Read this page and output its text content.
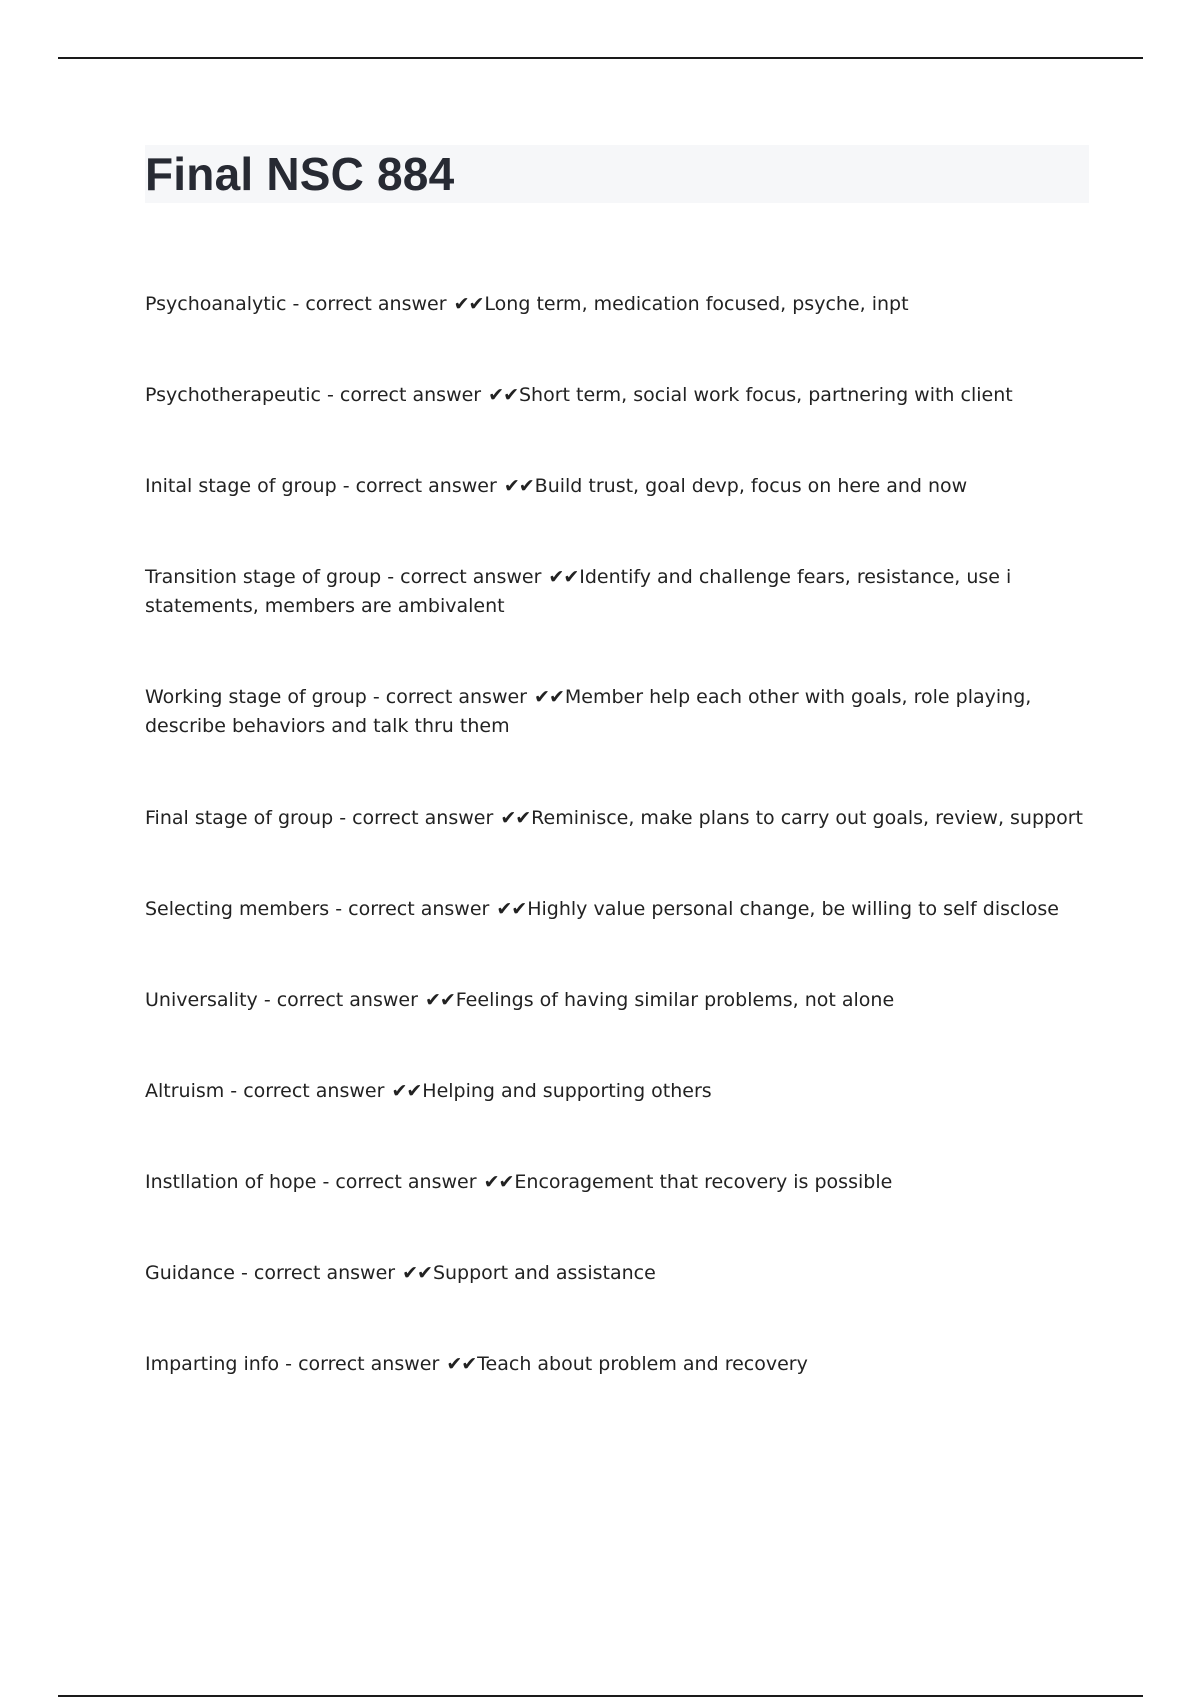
Final NSC 884
Psychoanalytic - correct answer ✔✔Long term, medication focused, psyche, inpt
Psychotherapeutic - correct answer ✔✔Short term, social work focus, partnering with client
Inital stage of group - correct answer ✔✔Build trust, goal devp, focus on here and now
Transition stage of group - correct answer ✔✔Identify and challenge fears, resistance, use i statements, members are ambivalent
Working stage of group - correct answer ✔✔Member help each other with goals, role playing, describe behaviors and talk thru them
Final stage of group - correct answer ✔✔Reminisce, make plans to carry out goals, review, support
Selecting members - correct answer ✔✔Highly value personal change, be willing to self disclose
Universality - correct answer ✔✔Feelings of having similar problems, not alone
Altruism - correct answer ✔✔Helping and supporting others
Instllation of hope - correct answer ✔✔Encoragement that recovery is possible
Guidance - correct answer ✔✔Support and assistance
Imparting info - correct answer ✔✔Teach about problem and recovery
